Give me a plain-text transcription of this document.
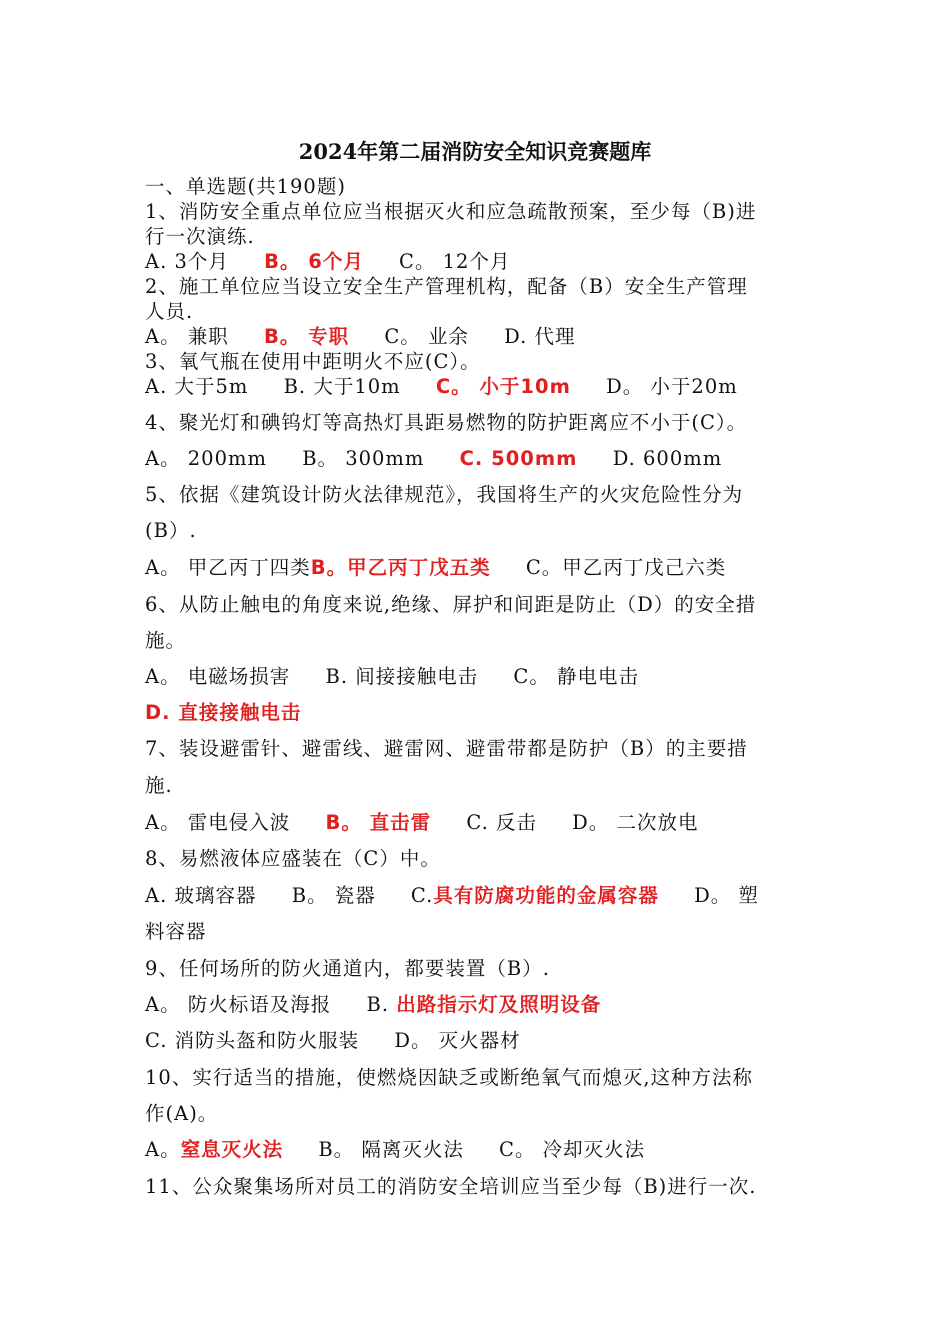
2024年第二届消防安全知识竞赛题库
一、单选题(共190题)
1、消防安全重点单位应当根据灭火和应急疏散预案，至少每（B)进
行一次演练.
A. 3个月 B。 6个月 C。 12个月
2、施工单位应当设立安全生产管理机构，配备（B）安全生产管理
人员.
A。 兼职 B。 专职 C。 业余 D. 代理
3、氧气瓶在使用中距明火不应(C）。
A. 大于5m B. 大于10m C。 小于10m D。 小于20m
4、聚光灯和碘钨灯等高热灯具距易燃物的防护距离应不小于(C）。
A。 200mm B。 300mm C. 500mm D. 600mm
5、依据《建筑设计防火法律规范》，我国将生产的火灾危险性分为
(B）.
A。 甲乙丙丁四类B。甲乙丙丁戊五类 C。甲乙丙丁戊己六类
6、从防止触电的角度来说,绝缘、屏护和间距是防止（D）的安全措
施。
A。 电磁场损害 B. 间接接触电击 C。 静电电击
D. 直接接触电击
7、装设避雷针、避雷线、避雷网、避雷带都是防护（B）的主要措
施.
A。 雷电侵入波 B。 直击雷 C. 反击 D。 二次放电
8、易燃液体应盛装在（C）中。
A. 玻璃容器 B。 瓷器 C.具有防腐功能的金属容器 D。 塑
料容器
9、任何场所的防火通道内，都要装置（B）.
A。 防火标语及海报 B. 出路指示灯及照明设备
C. 消防头盔和防火服装 D。 灭火器材
10、实行适当的措施，使燃烧因缺乏或断绝氧气而熄灭,这种方法称
作(A)。
A。窒息灭火法 B。 隔离灭火法 C。 冷却灭火法
11、公众聚集场所对员工的消防安全培训应当至少每（B)进行一次.
